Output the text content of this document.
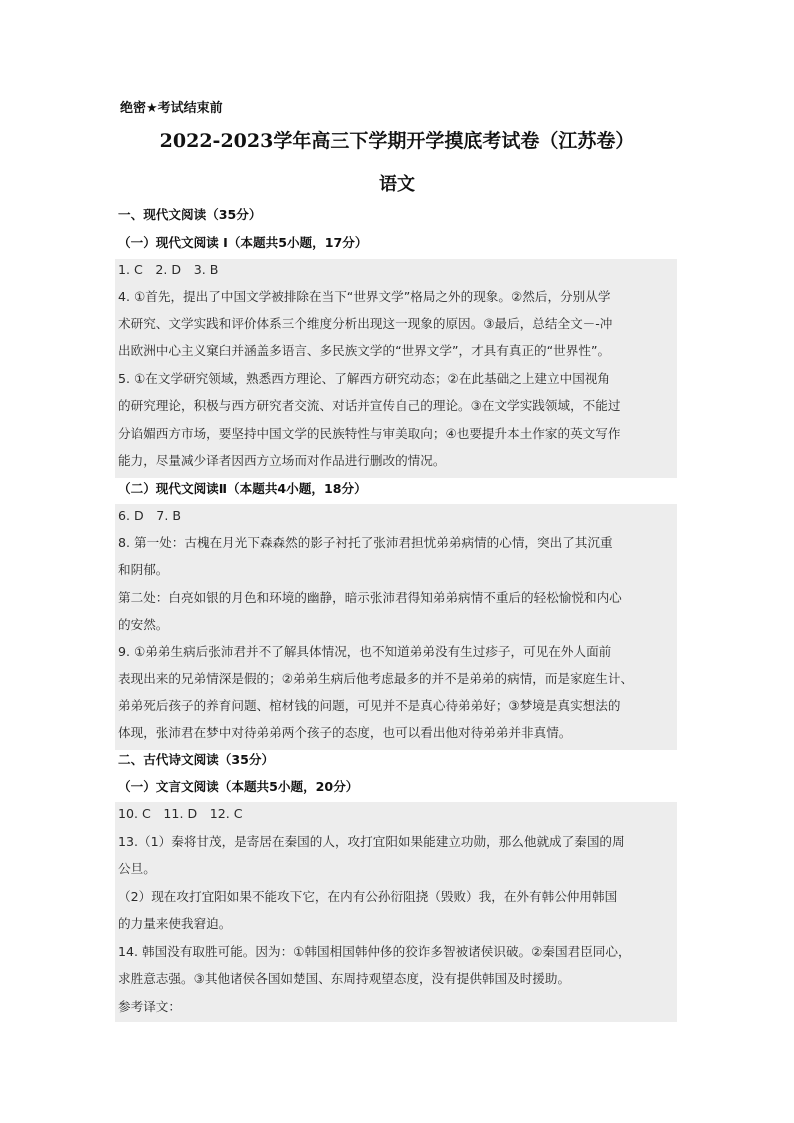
绝密★考试结束前
2022-2023学年高三下学期开学摸底考试卷（江苏卷）
语文
一、现代文阅读（35分）
（一）现代文阅读 I（本题共5小题，17分）
1. C　2. D　3. B
4. ①首先，提出了中国文学被排除在当下“世界文学”格局之外的现象。②然后，分别从学
术研究、文学实践和评价体系三个维度分析出现这一现象的原因。③最后，总结全文－-冲
出欧洲中心主义窠臼并涵盖多语言、多民族文学的“世界文学”，才具有真正的“世界性”。
5. ①在文学研究领域，熟悉西方理论、了解西方研究动态；②在此基础之上建立中国视角
的研究理论，积极与西方研究者交流、对话并宣传自己的理论。③在文学实践领域，不能过
分谄媚西方市场，要坚持中国文学的民族特性与审美取向；④也要提升本土作家的英文写作
能力，尽量减少译者因西方立场而对作品进行删改的情况。
（二）现代文阅读Ⅱ（本题共4小题，18分）
6. D　7. B
8. 第一处：古槐在月光下森森然的影子衬托了张沛君担忧弟弟病情的心情，突出了其沉重
和阴郁。
第二处：白亮如银的月色和环境的幽静，暗示张沛君得知弟弟病情不重后的轻松愉悦和内心
的安然。
9. ①弟弟生病后张沛君并不了解具体情况，也不知道弟弟没有生过疹子，可见在外人面前
表现出来的兄弟情深是假的；②弟弟生病后他考虑最多的并不是弟弟的病情，而是家庭生计、
弟弟死后孩子的养育问题、棺材钱的问题，可见并不是真心待弟弟好；③梦境是真实想法的
体现，张沛君在梦中对待弟弟两个孩子的态度，也可以看出他对待弟弟并非真情。
二、古代诗文阅读（35分）
（一）文言文阅读（本题共5小题，20分）
10. C　11. D　12. C
13.（1）秦将甘茂，是寄居在秦国的人，攻打宜阳如果能建立功勋，那么他就成了秦国的周
公旦。
（2）现在攻打宜阳如果不能攻下它，在内有公孙衍阻挠（毁败）我，在外有韩公仲用韩国
的力量来使我窘迫。
14. 韩国没有取胜可能。因为：①韩国相国韩仲侈的狡诈多智被诸侯识破。②秦国君臣同心，
求胜意志强。③其他诸侯各国如楚国、东周持观望态度，没有提供韩国及时援助。
参考译文：
